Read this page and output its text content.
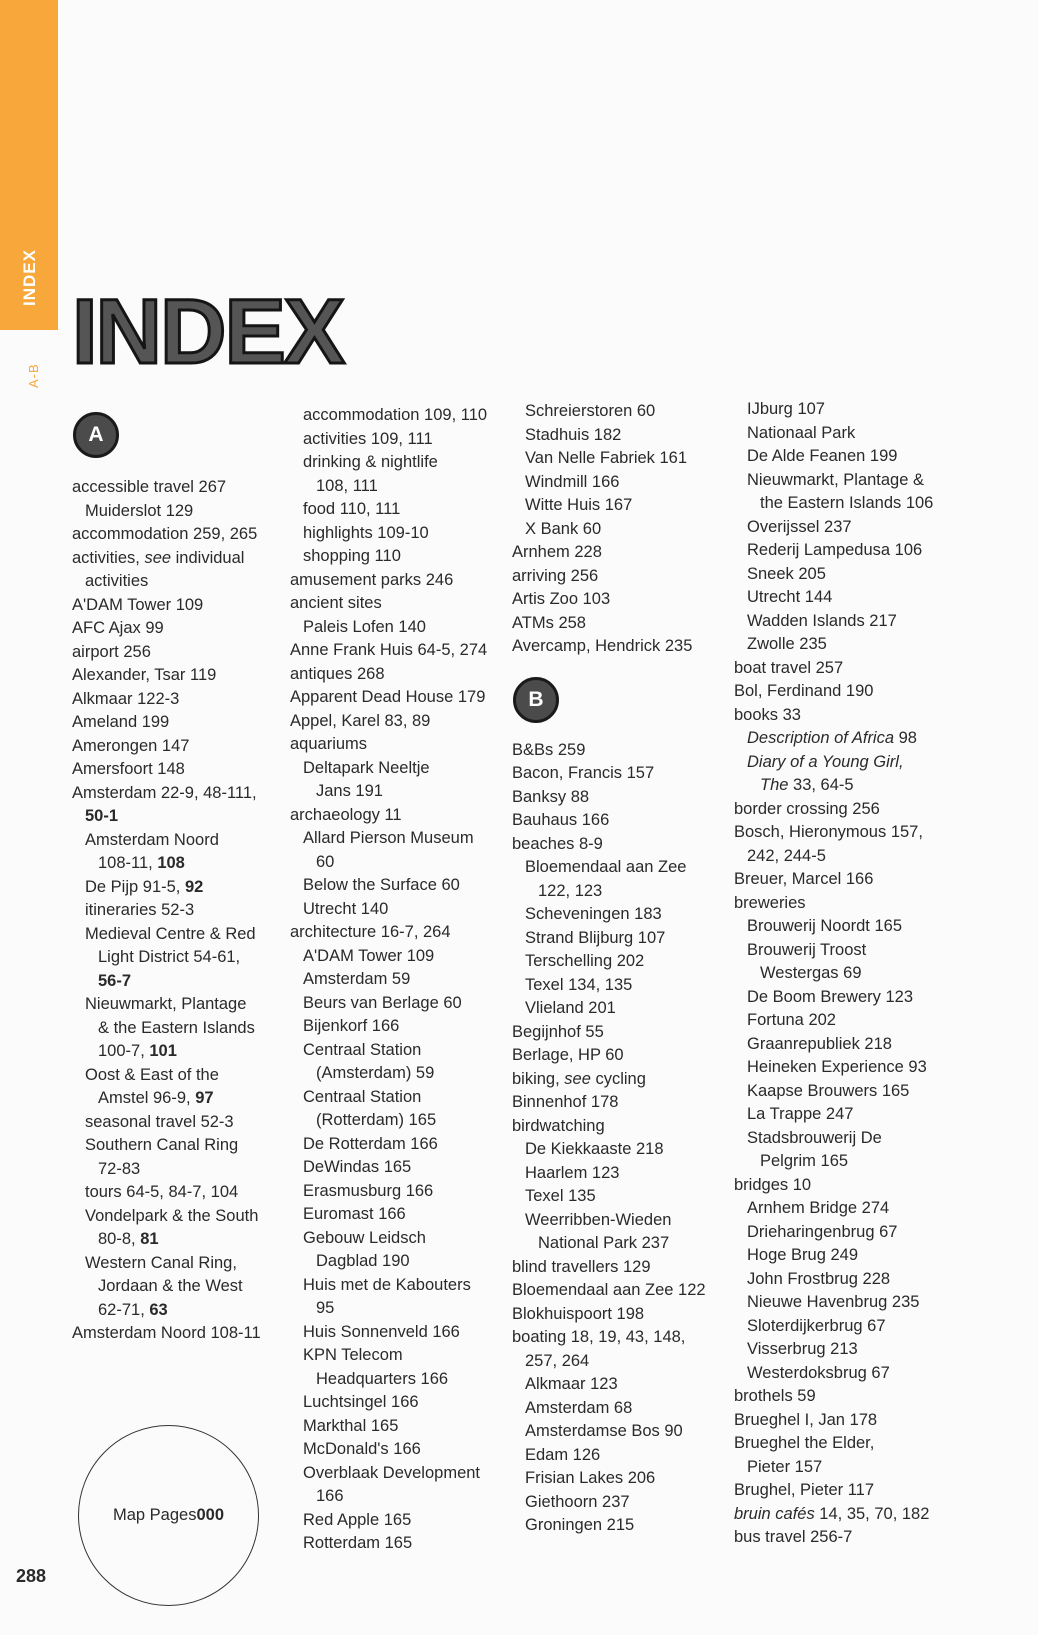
INDEX
A-B INDEX
A
accessible travel 267
Muiderslot 129
accommodation 259, 265
activities, see individual
activities
A'DAM Tower 109
AFC Ajax 99
airport 256
Alexander, Tsar 119
Alkmaar 122-3
Ameland 199
Amerongen 147
Amersfoort 148
Amsterdam 22-9, 48-111,
50-1
Amsterdam Noord
108-11, 108
De Pijp 91-5, 92
itineraries 52-3
Medieval Centre & Red
Light District 54-61,
56-7
Nieuwmarkt, Plantage
& the Eastern Islands
100-7, 101
Oost & East of the
Amstel 96-9, 97
seasonal travel 52-3
Southern Canal Ring
72-83
tours 64-5, 84-7, 104
Vondelpark & the South
80-8, 81
Western Canal Ring,
Jordaan & the West
62-71, 63
Amsterdam Noord 108-11
accommodation 109, 110
activities 109, 111
drinking & nightlife
108, 111
food 110, 111
highlights 109-10
shopping 110
amusement parks 246
ancient sites
Paleis Lofen 140
Anne Frank Huis 64-5, 274
antiques 268
Apparent Dead House 179
Appel, Karel 83, 89
aquariums
Deltapark Neeltje
Jans 191
archaeology 11
Allard Pierson Museum
60
Below the Surface 60
Utrecht 140
architecture 16-7, 264
A'DAM Tower 109
Amsterdam 59
Beurs van Berlage 60
Bijenkorf 166
Centraal Station
(Amsterdam) 59
Centraal Station
(Rotterdam) 165
De Rotterdam 166
DeWindas 165
Erasmusburg 166
Euromast 166
Gebouw Leidsch
Dagblad 190
Huis met de Kabouters
95
Huis Sonnenveld 166
KPN Telecom
Headquarters 166
Luchtsingel 166
Markthal 165
McDonald's 166
Overblaak Development
166
Red Apple 165
Rotterdam 165
Schreierstoren 60
Stadhuis 182
Van Nelle Fabriek 161
Windmill 166
Witte Huis 167
X Bank 60
Arnhem 228
arriving 256
Artis Zoo 103
ATMs 258
Avercamp, Hendrick 235
B
B&Bs 259
Bacon, Francis 157
Banksy 88
Bauhaus 166
beaches 8-9
Bloemendaal aan Zee
122, 123
Scheveningen 183
Strand Blijburg 107
Terschelling 202
Texel 134, 135
Vlieland 201
Begijnhof 55
Berlage, HP 60
biking, see cycling
Binnenhof 178
birdwatching
De Kiekkaaste 218
Haarlem 123
Texel 135
Weerribben-Wieden
National Park 237
blind travellers 129
Bloemendaal aan Zee 122
Blokhuispoort 198
boating 18, 19, 43, 148,
257, 264
Alkmaar 123
Amsterdam 68
Amsterdamse Bos 90
Edam 126
Frisian Lakes 206
Giethoorn 237
Groningen 215
IJburg 107
Nationaal Park
De Alde Feanen 199
Nieuwmarkt, Plantage &
the Eastern Islands 106
Overijssel 237
Rederij Lampedusa 106
Sneek 205
Utrecht 144
Wadden Islands 217
Zwolle 235
boat travel 257
Bol, Ferdinand 190
books 33
Description of Africa 98
Diary of a Young Girl,
The 33, 64-5
border crossing 256
Bosch, Hieronymous 157,
242, 244-5
Breuer, Marcel 166
breweries
Brouwerij Noordt 165
Brouwerij Troost
Westergas 69
De Boom Brewery 123
Fortuna 202
Graanrepubliek 218
Heineken Experience 93
Kaapse Brouwers 165
La Trappe 247
Stadsbrouwerij De
Pelgrim 165
bridges 10
Arnhem Bridge 274
Drieharingenbrug 67
Hoge Brug 249
John Frostbrug 228
Nieuwe Havenbrug 235
Sloterdijkerbrug 67
Visserbrug 213
Westerdoksbrug 67
brothels 59
Brueghel I, Jan 178
Brueghel the Elder,
Pieter 157
Brughel, Pieter 117
bruin cafés 14, 35, 70, 182
bus travel 256-7
Map Pages 000
288
